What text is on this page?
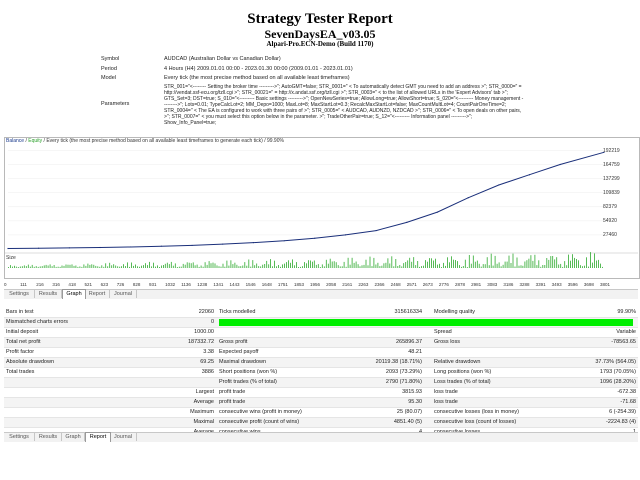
Strategy Tester Report
SevenDaysEA_v03.05
Alpari-Pro.ECN-Demo (Build 1170)
Symbol	AUDCAD (Australian Dollar vs Canadian Dollar)
Period	4 Hours (H4) 2009.01.01 00:00 - 2023.01.30 00:00 (2009.01.01 - 2023.01.01)
Model	Every tick (the most precise method based on all available least timeframes)
Parameters
STR_001="<-------- Setting the broker time --------->"; AutoGMT=false; STR_0001=" < To automatically detect GMT you need to add an address >"; STR_0000=" = http://vendat.ssf-ecu.org/tzll.cgi >"; STR_00021=" = http://x.andat.ssf.org/tzll.cgi >"; STR_0003=" < to the list of allowed URLs in the 'Expert Advisors' tab >"; GTS_Set=3; DST=true; S_010="<--------- Basic settings --------->"; OpenNewSeries=true; AllowLong=true; AllowShort=true; S_020="<--------- Money management --------->"; Lots=0.01; TypeCalcLot=2; MM_Depo=1000; MaxLot=8; MaxStartLot=0.3; RecalcMaxStartLot=false; MaxCountMultLot=4; CountPairOneTime=2; STR_0004=" < The EA is configured to work with three pairs of >"; STR_0005=" < AUDCAD, AUDNZD, NZDCAD >"; STR_0006=" < To open deals on other pairs, >"; STR_0007=" < you must select this option below in the parameter. >"; TradeOtherPair=true; S_12="<--------- Information panel --------->"; Show_Info_Panel=true;
Balance / Equity / Every tick (the most precise method based on all available least timeframes to generate each tick) / 99.90%
Size
192219
164759
137299
109839
82379
54920
27460
0	111 216 316 418 521 623 726 828 931 1032 1136 1238 1341 1443 1546 1648 1751 1853 1956 2058 2161 2263 2366 2468 2571 2673 2776 2878 2981 3083 3186 3288 3391 3493 3596 3698 3801
Settings	Results	Graph	Report	Journal
Bars in test	22060 Ticks modelled	315616334 Modelling quality	99.90%
Mismatched charts errors	0
Initial deposit	1000.00	Spread	Variable
Total net profit	187332.72 Gross profit	265896.37 Gross loss	-78563.65
Profit factor	3.38 Expected payoff	48.21
Absolute drawdown	69.25 Maximal drawdown	20119.38 (18.71%) Relative drawdown	37.73% (564.05)
Total trades	3886 Short positions (won %)	2093 (73.29%) Long positions (won %)	1793 (70.05%)
Profit trades (% of total)	2790 (71.80%) Loss trades (% of total)	1096 (28.20%)
Largest profit trade	3815.93 loss trade	-672.38
Average profit trade	95.30 loss trade	-71.68
Maximum consecutive wins (profit in money)	25 (80.07) consecutive losses (loss in money)	6 (-254.39)
Maximal consecutive profit (count of wins)	4851.40 (5) consecutive loss (count of losses)	-2224.83 (4)
Settings	Results	Graph	Report	Journal
